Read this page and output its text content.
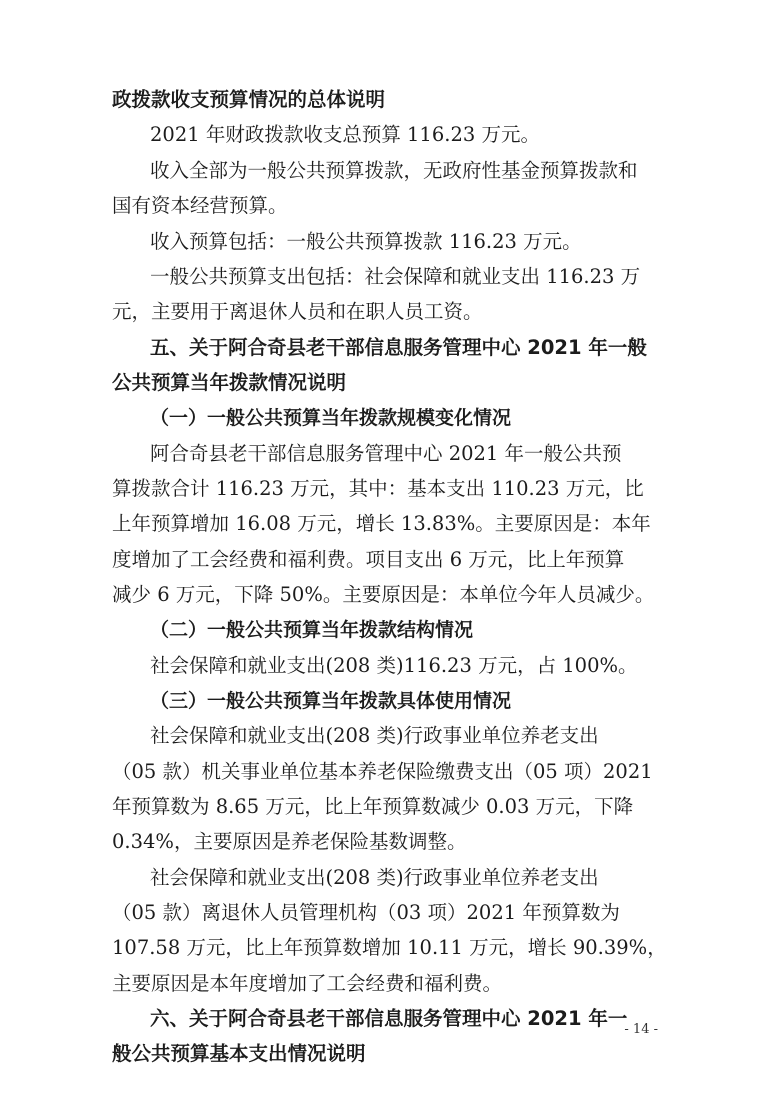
政拨款收支预算情况的总体说明

2021 年财政拨款收支总预算 116.23 万元。

收入全部为一般公共预算拨款，无政府性基金预算拨款和

国有资本经营预算。

收入预算包括：一般公共预算拨款 116.23 万元。

一般公共预算支出包括：社会保障和就业支出 116.23 万

元，主要用于离退休人员和在职人员工资。

五、关于阿合奇县老干部信息服务管理中心 2021 年一般

公共预算当年拨款情况说明

（一）一般公共预算当年拨款规模变化情况

阿合奇县老干部信息服务管理中心 2021 年一般公共预

算拨款合计 116.23 万元，其中：基本支出 110.23 万元，比

上年预算增加 16.08 万元，增长 13.83%。主要原因是：本年

度增加了工会经费和福利费。项目支出 6 万元，比上年预算

减少 6 万元，下降 50%。主要原因是：本单位今年人员减少。

（二）一般公共预算当年拨款结构情况

社会保障和就业支出(208 类)116.23 万元，占 100%。

（三）一般公共预算当年拨款具体使用情况

社会保障和就业支出(208 类)行政事业单位养老支出

（05 款）机关事业单位基本养老保险缴费支出（05 项）2021

年预算数为 8.65 万元，比上年预算数减少 0.03 万元，下降

0.34%，主要原因是养老保险基数调整。

社会保障和就业支出(208 类)行政事业单位养老支出

（05 款）离退休人员管理机构（03 项）2021 年预算数为

107.58 万元，比上年预算数增加 10.11 万元，增长 90.39%，

主要原因是本年度增加了工会经费和福利费。

六、关于阿合奇县老干部信息服务管理中心 2021 年一

般公共预算基本支出情况说明

- 14 -
